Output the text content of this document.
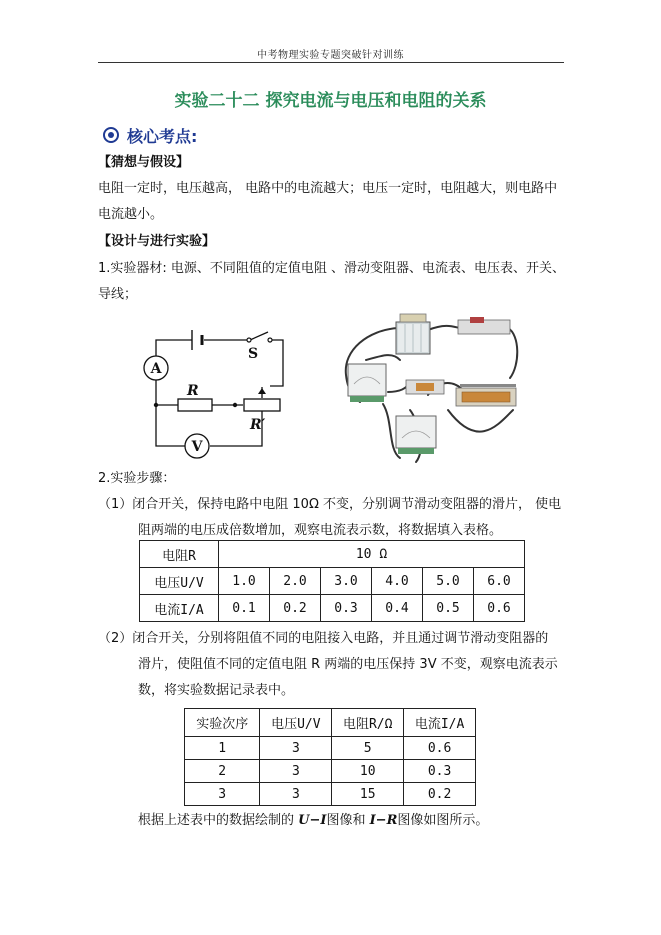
中考物理实验专题突破针对训练
实验二十二 探究电流与电压和电阻的关系
核心考点:
【猜想与假设】
电阻一定时，电压越高， 电路中的电流越大；电压一定时，电阻越大，则电路中
电流越小。
【设计与进行实验】
1.实验器材: 电源、不同阻值的定值电阻 、滑动变阻器、电流表、电压表、开关、
导线；
A
V
S
R
R′
2.实验步骤：
（1）闭合开关，保持电路中电阻 10Ω 不变，分别调节滑动变阻器的滑片， 使电
阻两端的电压成倍数增加，观察电流表示数，将数据填入表格。
电阻R	10 Ω					
电压U/V	1.0	2.0	3.0	4.0	5.0	6.0
电流I/A	0.1	0.2	0.3	0.4	0.5	0.6
（2）闭合开关，分别将阻值不同的电阻接入电路，并且通过调节滑动变阻器的
滑片，使阻值不同的定值电阻 R 两端的电压保持 3V 不变，观察电流表示
数，将实验数据记录表中。
实验次序	电压U/V	电阻R/Ω	电流I/A
1	3	5	0.6
2	3	10	0.3
3	3	15	0.2
根据上述表中的数据绘制的 U−I图像和 I−R图像如图所示。
